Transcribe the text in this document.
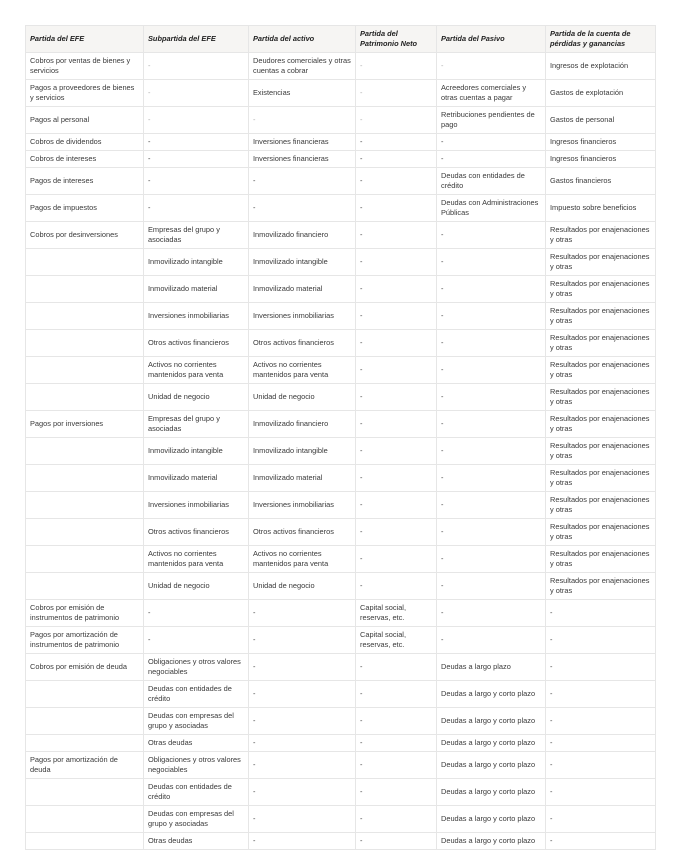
Partida del EFE	Subpartida del EFE	Partida del activo	Partida del Patrimonio Neto	Partida del Pasivo	Partida de la cuenta de pérdidas y ganancias
Cobros por ventas de bienes y servicios	-	Deudores comerciales y otras cuentas a cobrar	-	-	Ingresos de explotación
Pagos a proveedores de bienes y servicios	-	Existencias	-	Acreedores comerciales y otras cuentas a pagar	Gastos de explotación
Pagos al personal	-	-	-	Retribuciones pendientes de pago	Gastos de personal
Cobros de dividendos	-	Inversiones financieras	-	-	Ingresos financieros
Cobros de intereses	-	Inversiones financieras	-	-	Ingresos financieros
Pagos de intereses	-	-	-	Deudas con entidades de crédito	Gastos financieros
Pagos de impuestos	-	-	-	Deudas con Administraciones Públicas	Impuesto sobre beneficios
Cobros por desinversiones	Empresas del grupo y asociadas	Inmovilizado financiero	-	-	Resultados por enajenaciones y otras
	Inmovilizado intangible	Inmovilizado intangible	-	-	Resultados por enajenaciones y otras
	Inmovilizado material	Inmovilizado material	-	-	Resultados por enajenaciones y otras
	Inversiones inmobiliarias	Inversiones inmobiliarias	-	-	Resultados por enajenaciones y otras
	Otros activos financieros	Otros activos financieros	-	-	Resultados por enajenaciones y otras
	Activos no corrientes mantenidos para venta	Activos no corrientes mantenidos para venta	-	-	Resultados por enajenaciones y otras
	Unidad de negocio	Unidad de negocio	-	-	Resultados por enajenaciones y otras
Pagos por inversiones	Empresas del grupo y asociadas	Inmovilizado financiero	-	-	Resultados por enajenaciones y otras
	Inmovilizado intangible	Inmovilizado intangible	-	-	Resultados por enajenaciones y otras
	Inmovilizado material	Inmovilizado material	-	-	Resultados por enajenaciones y otras
	Inversiones inmobiliarias	Inversiones inmobiliarias	-	-	Resultados por enajenaciones y otras
	Otros activos financieros	Otros activos financieros	-	-	Resultados por enajenaciones y otras
	Activos no corrientes mantenidos para venta	Activos no corrientes mantenidos para venta	-	-	Resultados por enajenaciones y otras
	Unidad de negocio	Unidad de negocio	-	-	Resultados por enajenaciones y otras
Cobros por emisión de instrumentos de patrimonio	-	-	Capital social, reservas, etc.	-	-
Pagos por amortización de instrumentos de patrimonio	-	-	Capital social, reservas, etc.	-	-
Cobros por emisión de deuda	Obligaciones y otros valores negociables	-	-	Deudas a largo plazo	-
	Deudas con entidades de crédito	-	-	Deudas a largo y corto plazo	-
	Deudas con empresas del grupo y asociadas	-	-	Deudas a largo y corto plazo	-
	Otras deudas	-	-	Deudas a largo y corto plazo	-
Pagos por amortización de deuda	Obligaciones y otros valores negociables	-	-	Deudas a largo y corto plazo	-
	Deudas con entidades de crédito	-	-	Deudas a largo y corto plazo	-
	Deudas con empresas del grupo y asociadas	-	-	Deudas a largo y corto plazo	-
	Otras deudas	-	-	Deudas a largo y corto plazo	-
